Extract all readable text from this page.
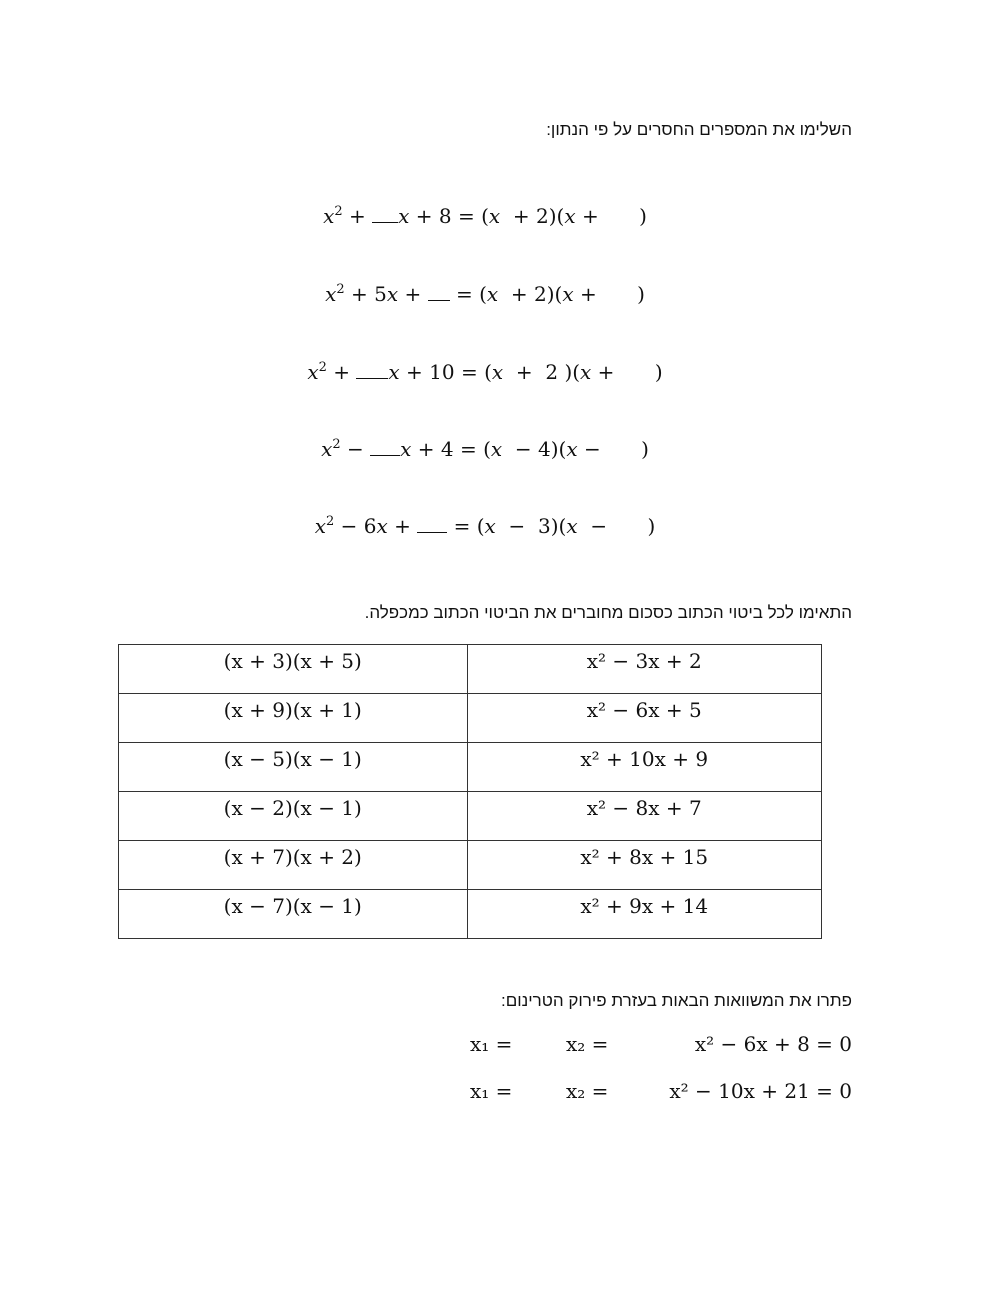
השלימו את המספרים החסרים על פי הנתון:
$x^2 + x + 8 = (x + 2)(x$ + )
$x^2 + 5x$ +  = (x  + 2)(x + )
$x^2 + x + 10 = (x + 2$ )(x + )
$x^2 - x + 4 = (x - 4)(x$ − )
$x^2 - 6x$ +  = (x  −  3)(x  − )
התאימו לכל ביטוי הכתוב כסכום מחוברים את הביטוי הכתוב כמכפלה.
(x + 3)(x + 5)	x² − 3x + 2
(x + 9)(x + 1)	x² − 6x + 5
(x − 5)(x − 1)	x² + 10x + 9
(x − 2)(x − 1)	x² − 8x + 7
(x + 7)(x + 2)	x² + 8x + 15
(x − 7)(x − 1)	x² + 9x + 14
פתרו את המשוואות הבאות בעזרת פירוק הטרינום:
x₁ =	x₂ =	x² − 6x + 8 = 0
x₁ =	x₂ =	x² − 10x + 21 = 0
